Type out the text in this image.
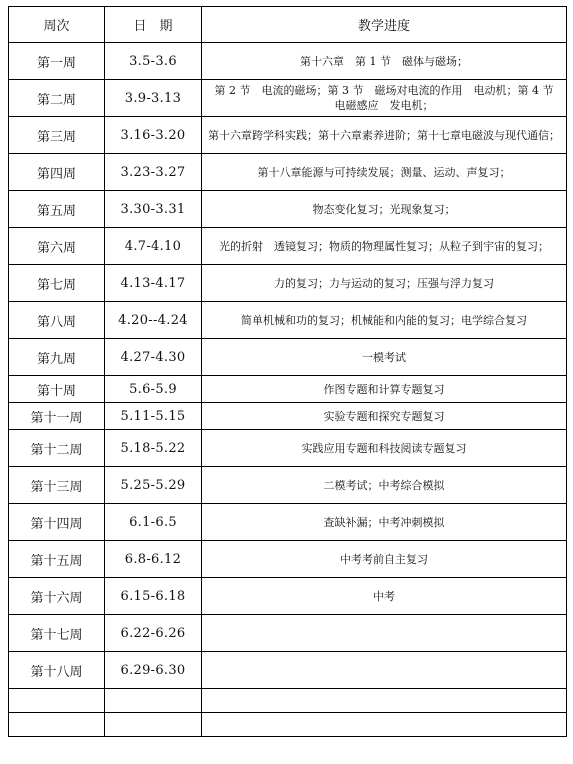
周次	日　期	教学进度
第一周	3.5-3.6	第十六章　第 1 节　磁体与磁场；
第二周	3.9-3.13	第 2 节　电流的磁场；第 3 节　磁场对电流的作用　电动机；第 4 节　电磁感应　发电机；
第三周	3.16-3.20	第十六章跨学科实践；第十六章素养进阶；第十七章电磁波与现代通信；
第四周	3.23-3.27	第十八章能源与可持续发展；测量、运动、声复习；
第五周	3.30-3.31	物态变化复习；光现象复习；
第六周	4.7-4.10	光的折射　透镜复习；物质的物理属性复习；从粒子到宇宙的复习；
第七周	4.13-4.17	力的复习；力与运动的复习；压强与浮力复习
第八周	4.20--4.24	简单机械和功的复习；机械能和内能的复习；电学综合复习
第九周	4.27-4.30	一模考试
第十周	5.6-5.9	作图专题和计算专题复习
第十一周	5.11-5.15	实验专题和探究专题复习
第十二周	5.18-5.22	实践应用专题和科技阅读专题复习
第十三周	5.25-5.29	二模考试；中考综合模拟
第十四周	6.1-6.5	查缺补漏；中考冲刺模拟
第十五周	6.8-6.12	中考考前自主复习
第十六周	6.15-6.18	中考
第十七周	6.22-6.26	
第十八周	6.29-6.30	
